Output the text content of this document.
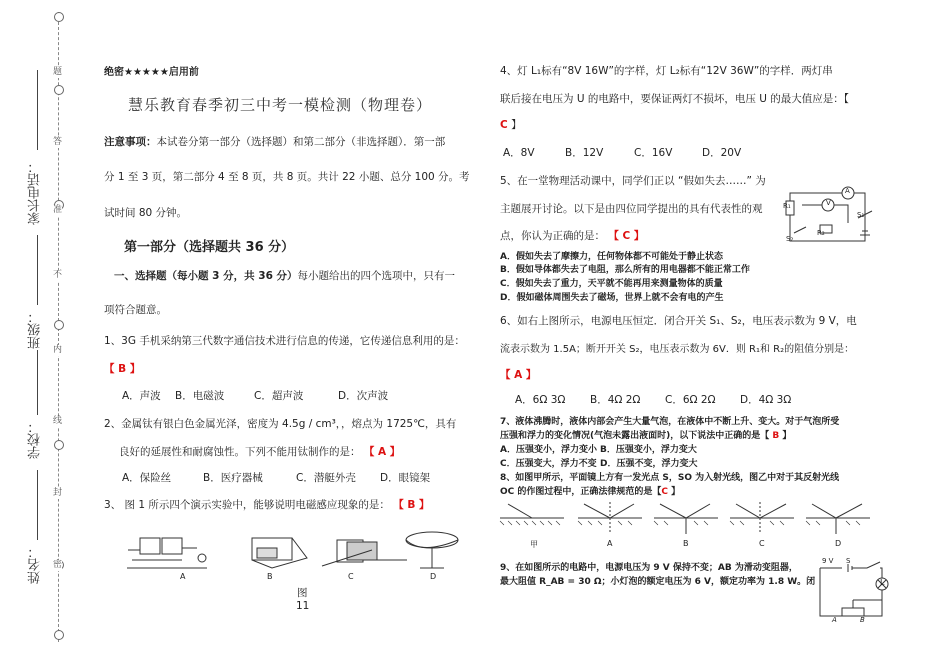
题
答
准
不
内
线
封
密
家长电话：
班级：
学校：
姓名：
绝密★★★★★启用前
慧乐教育春季初三中考一模检测（物理卷）
注意事项：本试卷分第一部分（选择题）和第二部分（非选择题）．第一部
分 1 至 3 页，第二部分 4 至 8 页，共 8 页。共计 22 小题、总分 100 分。考
试时间 80 分钟。
第一部分（选择题共 36 分）
一、选择题（每小题 3 分，共 36 分）每小题给出的四个选项中，只有一
项符合题意。
1、3G 手机采纳第三代数字通信技术进行信息的传递，它传递信息利用的是：
【 B 】
A．声波 B．电磁波	C．超声波	D．次声波
2、金属钛有银白色金属光泽，密度为 4.5g / cm³，，熔点为 1725℃，具有
良好的延展性和耐腐蚀性。下列不能用钛制作的是： 【 A 】
A．保险丝	B．医疗器械	C．潜艇外壳 D．眼镜架
3、 图 1 所示四个演示实验中，能够说明电磁感应现象的是： 【 B 】
A	B	C	D
图
11
4、灯 L₁标有“8V 16W”的字样，灯 L₂标有“12V 36W”的字样．两灯串
联后接在电压为 U 的电路中，要保证两灯不损坏，电压 U 的最大值应是：【
C 】
A．8V	B．12V	C．16V	D．20V
5、在一堂物理活动课中，同学们正以 “假如失去……” 为
主题展开讨论。以下是由四位同学提出的具有代表性的观
点，你认为正确的是： 【 C 】
A
V
R₁
R₂
S₁
S₂
A．假如失去了摩擦力，任何物体都不可能处于静止状态
B．假如导体都失去了电阻，那么所有的用电器都不能正常工作
C．假如失去了重力，天平就不能再用来测量物体的质量
D．假如磁体周围失去了磁场，世界上就不会有电的产生
6、如右上图所示，电源电压恒定．闭合开关 S₁、S₂，电压表示数为 9 V，电
流表示数为 1.5A；断开开关 S₂，电压表示数为 6V．则 R₁和 R₂的阻值分别是：
【 A 】
A．6Ω 3Ω B．4Ω 2Ω C．6Ω 2Ω D．4Ω 3Ω
7、液体沸腾时，液体内部会产生大量气泡，在液体中不断上升、变大。对于气泡所受
压强和浮力的变化情况(气泡未露出液面时)，以下说法中正确的是【 B 】
A．压强变小，浮力变小 B．压强变小，浮力变大
C．压强变大，浮力不变 D．压强不变，浮力变大
8、如图甲所示，平面镜上方有一发光点 S，SO 为入射光线，图乙中对于其反射光线
OC 的作图过程中，正确法律规范的是【C 】
甲	A	B	C	D
9、在如图所示的电路中，电源电压为 9 V 保持不变；AB 为滑动变阻器，
最大阻值 R_AB = 30 Ω；小灯泡的额定电压为 6 V，额定功率为 1.8 W。闭
9 V S
L
A	B
